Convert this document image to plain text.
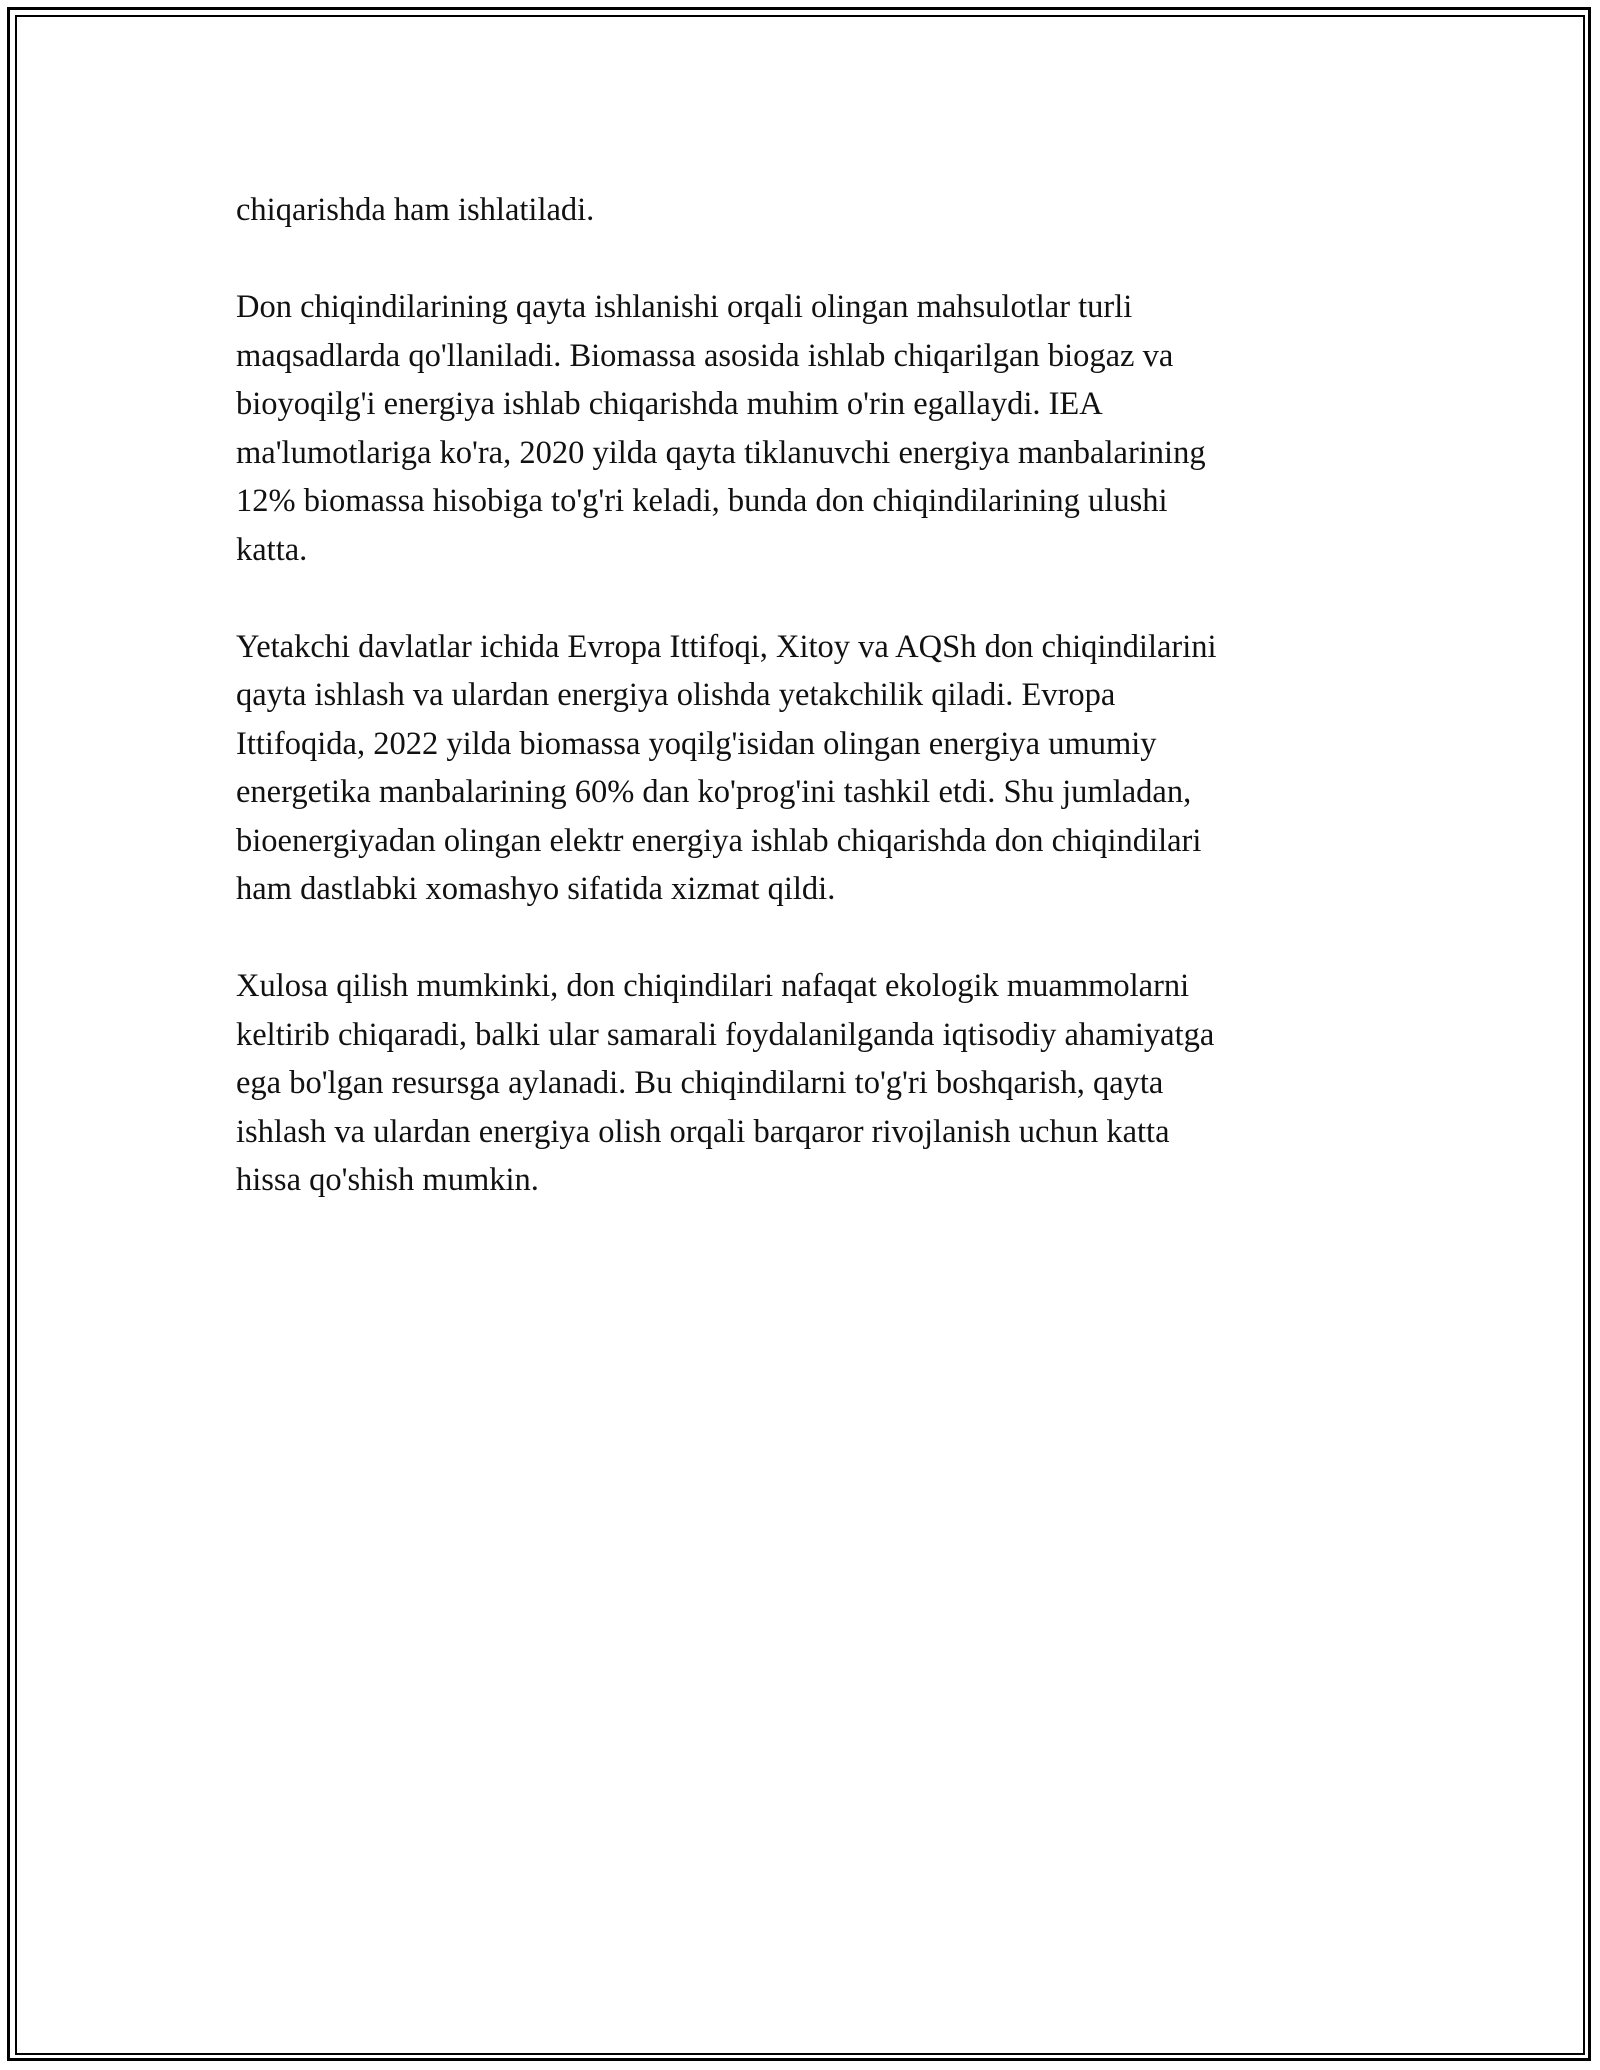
chiqarishda ham ishlatiladi.

Don chiqindilarining qayta ishlanishi orqali olingan mahsulotlar turli
maqsadlarda qo'llaniladi. Biomassa asosida ishlab chiqarilgan biogaz va
bioyoqilg'i energiya ishlab chiqarishda muhim o'rin egallaydi. IEA
ma'lumotlariga ko'ra, 2020 yilda qayta tiklanuvchi energiya manbalarining
12% biomassa hisobiga to'g'ri keladi, bunda don chiqindilarining ulushi
katta.

Yetakchi davlatlar ichida Evropa Ittifoqi, Xitoy va AQSh don chiqindilarini
qayta ishlash va ulardan energiya olishda yetakchilik qiladi. Evropa
Ittifoqida, 2022 yilda biomassa yoqilg'isidan olingan energiya umumiy
energetika manbalarining 60% dan ko'prog'ini tashkil etdi. Shu jumladan,
bioenergiyadan olingan elektr energiya ishlab chiqarishda don chiqindilari
ham dastlabki xomashyo sifatida xizmat qildi.

Xulosa qilish mumkinki, don chiqindilari nafaqat ekologik muammolarni
keltirib chiqaradi, balki ular samarali foydalanilganda iqtisodiy ahamiyatga
ega bo'lgan resursga aylanadi. Bu chiqindilarni to'g'ri boshqarish, qayta
ishlash va ulardan energiya olish orqali barqaror rivojlanish uchun katta
hissa qo'shish mumkin.
